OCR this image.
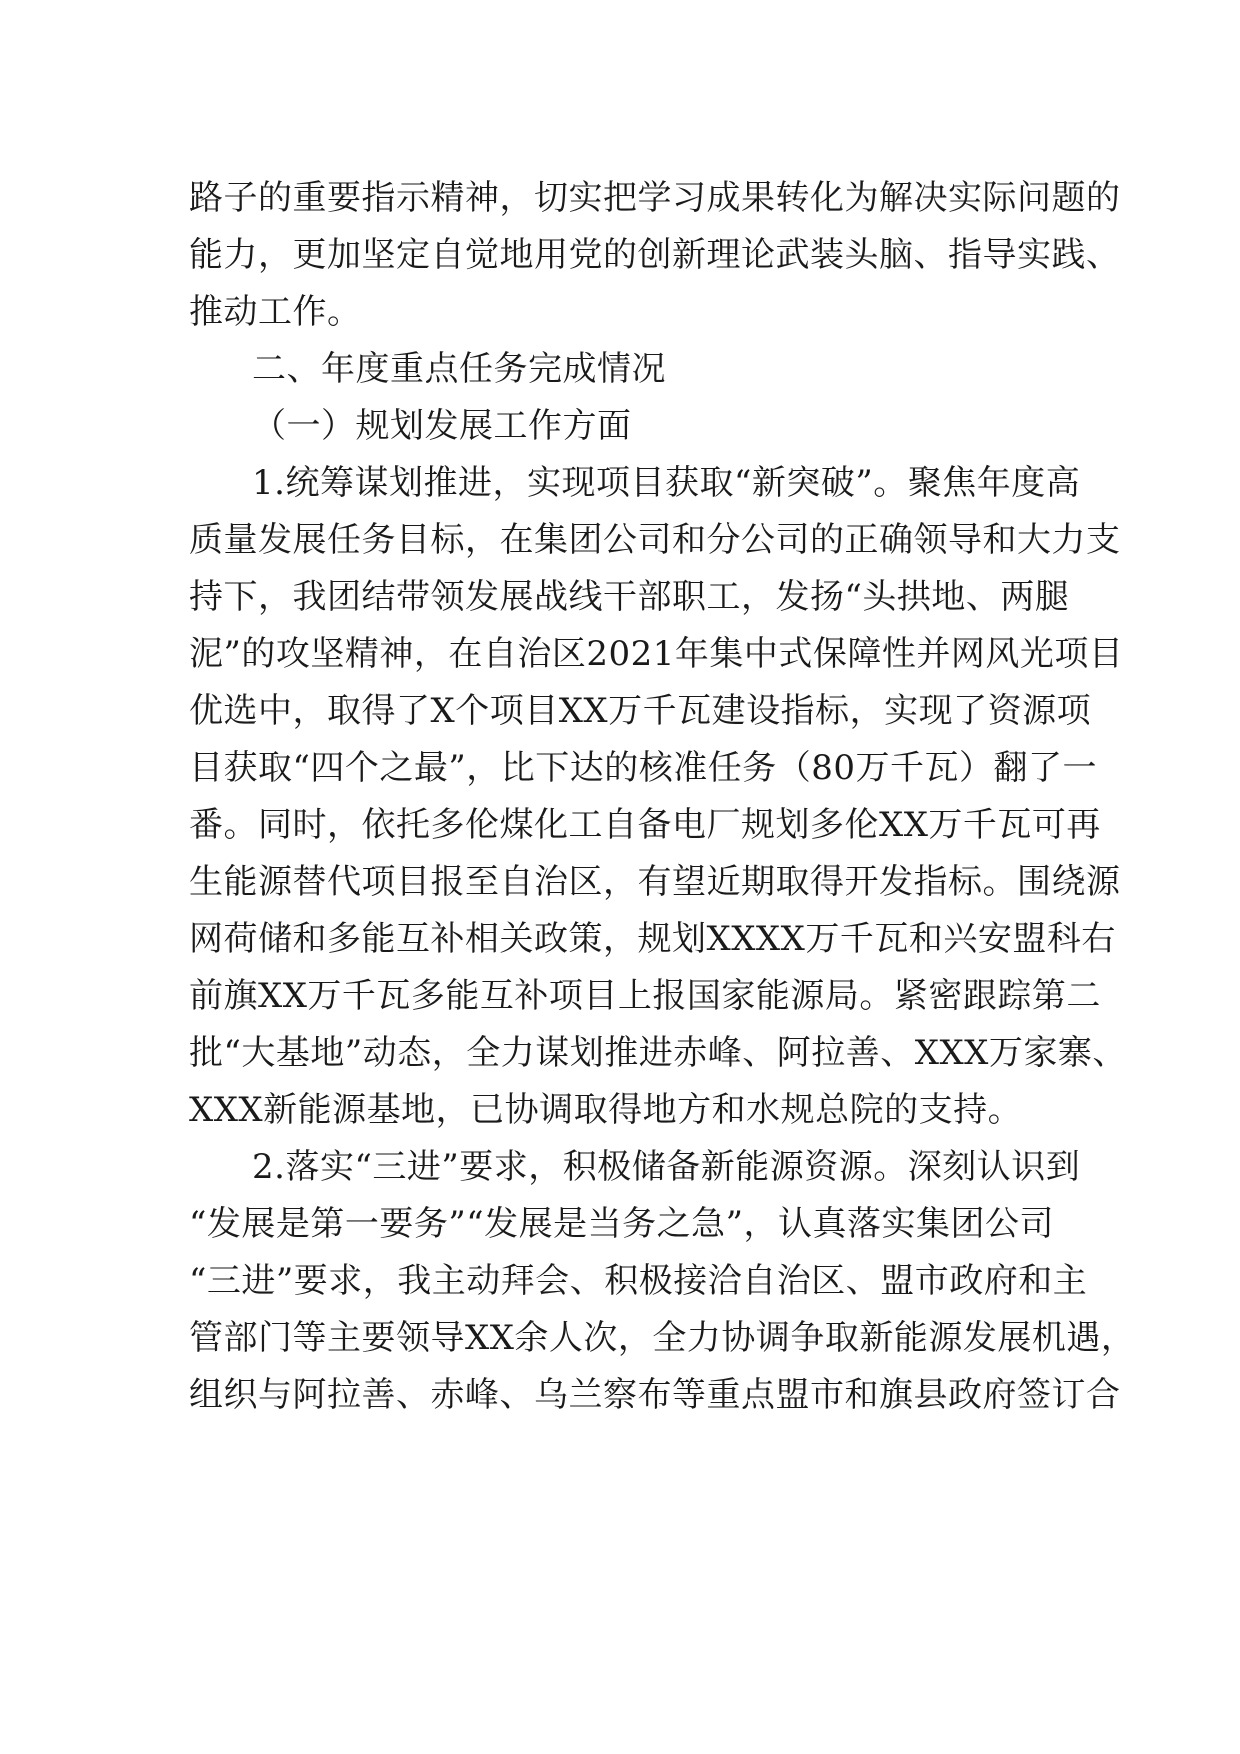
路子的重要指示精神，切实把学习成果转化为解决实际问题的
能力，更加坚定自觉地用党的创新理论武装头脑、指导实践、
推动工作。
二、年度重点任务完成情况
（一）规划发展工作方面
1.统筹谋划推进，实现项目获取“新突破”。聚焦年度高
质量发展任务目标，在集团公司和分公司的正确领导和大力支
持下，我团结带领发展战线干部职工，发扬“头拱地、两腿
泥”的攻坚精神，在自治区2021年集中式保障性并网风光项目
优选中，取得了X个项目XX万千瓦建设指标，实现了资源项
目获取“四个之最”，比下达的核准任务（80万千瓦）翻了一
番。同时，依托多伦煤化工自备电厂规划多伦XX万千瓦可再
生能源替代项目报至自治区，有望近期取得开发指标。围绕源
网荷储和多能互补相关政策，规划XXXX万千瓦和兴安盟科右
前旗XX万千瓦多能互补项目上报国家能源局。紧密跟踪第二
批“大基地”动态，全力谋划推进赤峰、阿拉善、XXX万家寨、
XXX新能源基地，已协调取得地方和水规总院的支持。
2.落实“三进”要求，积极储备新能源资源。深刻认识到
“发展是第一要务”“发展是当务之急”，认真落实集团公司
“三进”要求，我主动拜会、积极接洽自治区、盟市政府和主
管部门等主要领导XX余人次，全力协调争取新能源发展机遇，
组织与阿拉善、赤峰、乌兰察布等重点盟市和旗县政府签订合
